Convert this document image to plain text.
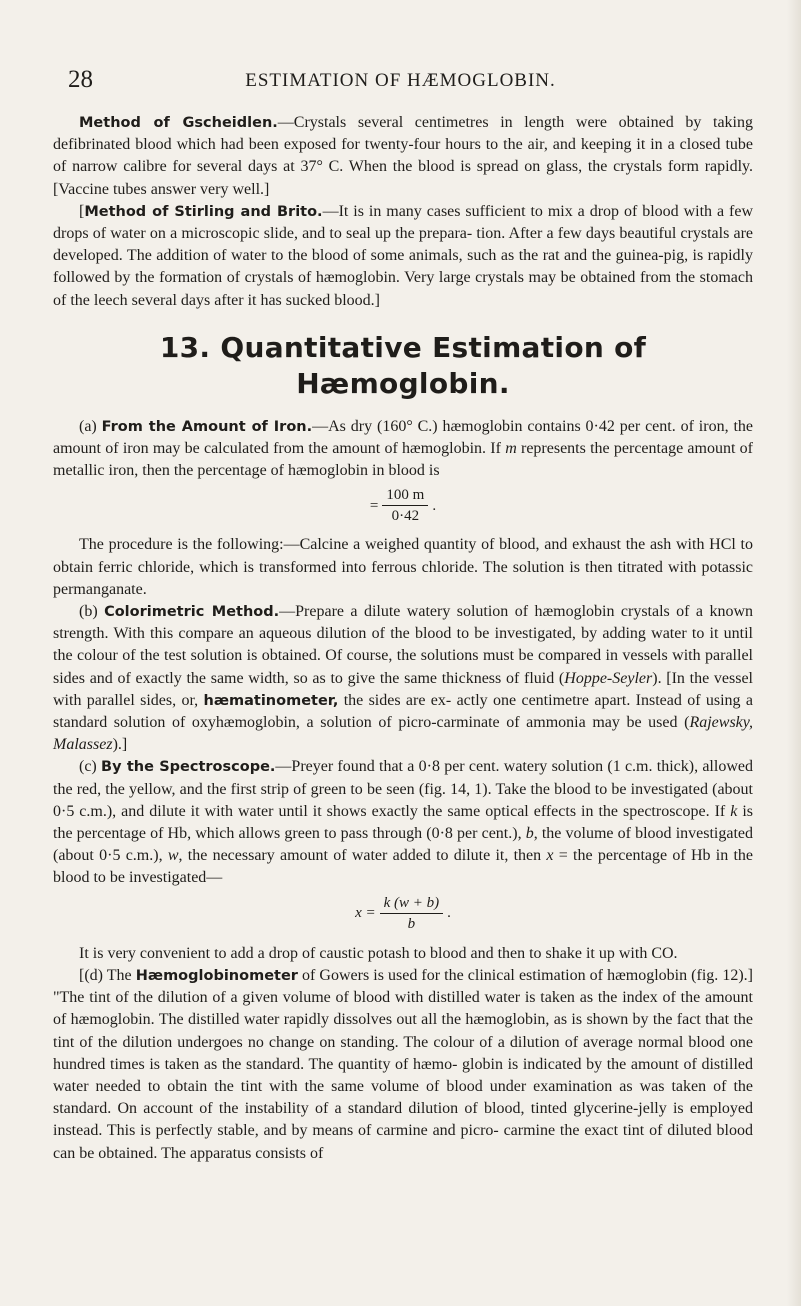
28	ESTIMATION OF HÆMOGLOBIN.

Method of Gscheidlen.—Crystals several centimetres in length were obtained by taking defibrinated blood which had been exposed for twenty-four hours to the air, and keeping it in a closed tube of narrow calibre for several days at 37° C. When the blood is spread on glass, the crystals form rapidly. [Vaccine tubes answer very well.]

[Method of Stirling and Brito.—It is in many cases sufficient to mix a drop of blood with a few drops of water on a microscopic slide, and to seal up the prepara- tion. After a few days beautiful crystals are developed. The addition of water to the blood of some animals, such as the rat and the guinea-pig, is rapidly followed by the formation of crystals of hæmoglobin. Very large crystals may be obtained from the stomach of the leech several days after it has sucked blood.]

13. Quantitative Estimation of Hæmoglobin.

(a) From the Amount of Iron.—As dry (160° C.) hæmoglobin contains 0·42 per cent. of iron, the amount of iron may be calculated from the amount of hæmoglobin. If m represents the percentage amount of metallic iron, then the percentage of hæmoglobin in blood is

= $\frac{100 m}{0\cdot 42}$ .

The procedure is the following:—Calcine a weighed quantity of blood, and exhaust the ash with HCl to obtain ferric chloride, which is transformed into ferrous chloride. The solution is then titrated with potassic permanganate.

(b) Colorimetric Method.—Prepare a dilute watery solution of hæmoglobin crystals of a known strength. With this compare an aqueous dilution of the blood to be investigated, by adding water to it until the colour of the test solution is obtained. Of course, the solutions must be compared in vessels with parallel sides and of exactly the same width, so as to give the same thickness of fluid (Hoppe-Seyler). [In the vessel with parallel sides, or, hæmatinometer, the sides are ex- actly one centimetre apart. Instead of using a standard solution of oxyhæmoglobin, a solution of picro-carminate of ammonia may be used (Rajewsky, Malassez).]

(c) By the Spectroscope.—Preyer found that a 0·8 per cent. watery solution (1 c.m. thick), allowed the red, the yellow, and the first strip of green to be seen (fig. 14, 1). Take the blood to be investigated (about 0·5 c.m.), and dilute it with water until it shows exactly the same optical effects in the spectroscope. If k is the percentage of Hb, which allows green to pass through (0·8 per cent.), b, the volume of blood investigated (about 0·5 c.m.), w, the necessary amount of water added to dilute it, then x = the percentage of Hb in the blood to be investigated—

$x = \frac{k (w + b)}{b}$ .

It is very convenient to add a drop of caustic potash to blood and then to shake it up with CO.

[(d) The Hæmoglobinometer of Gowers is used for the clinical estimation of hæmoglobin (fig. 12).] "The tint of the dilution of a given volume of blood with distilled water is taken as the index of the amount of hæmoglobin. The distilled water rapidly dissolves out all the hæmoglobin, as is shown by the fact that the tint of the dilution undergoes no change on standing. The colour of a dilution of average normal blood one hundred times is taken as the standard. The quantity of hæmo- globin is indicated by the amount of distilled water needed to obtain the tint with the same volume of blood under examination as was taken of the standard. On account of the instability of a standard dilution of blood, tinted glycerine-jelly is employed instead. This is perfectly stable, and by means of carmine and picro- carmine the exact tint of diluted blood can be obtained. The apparatus consists of
